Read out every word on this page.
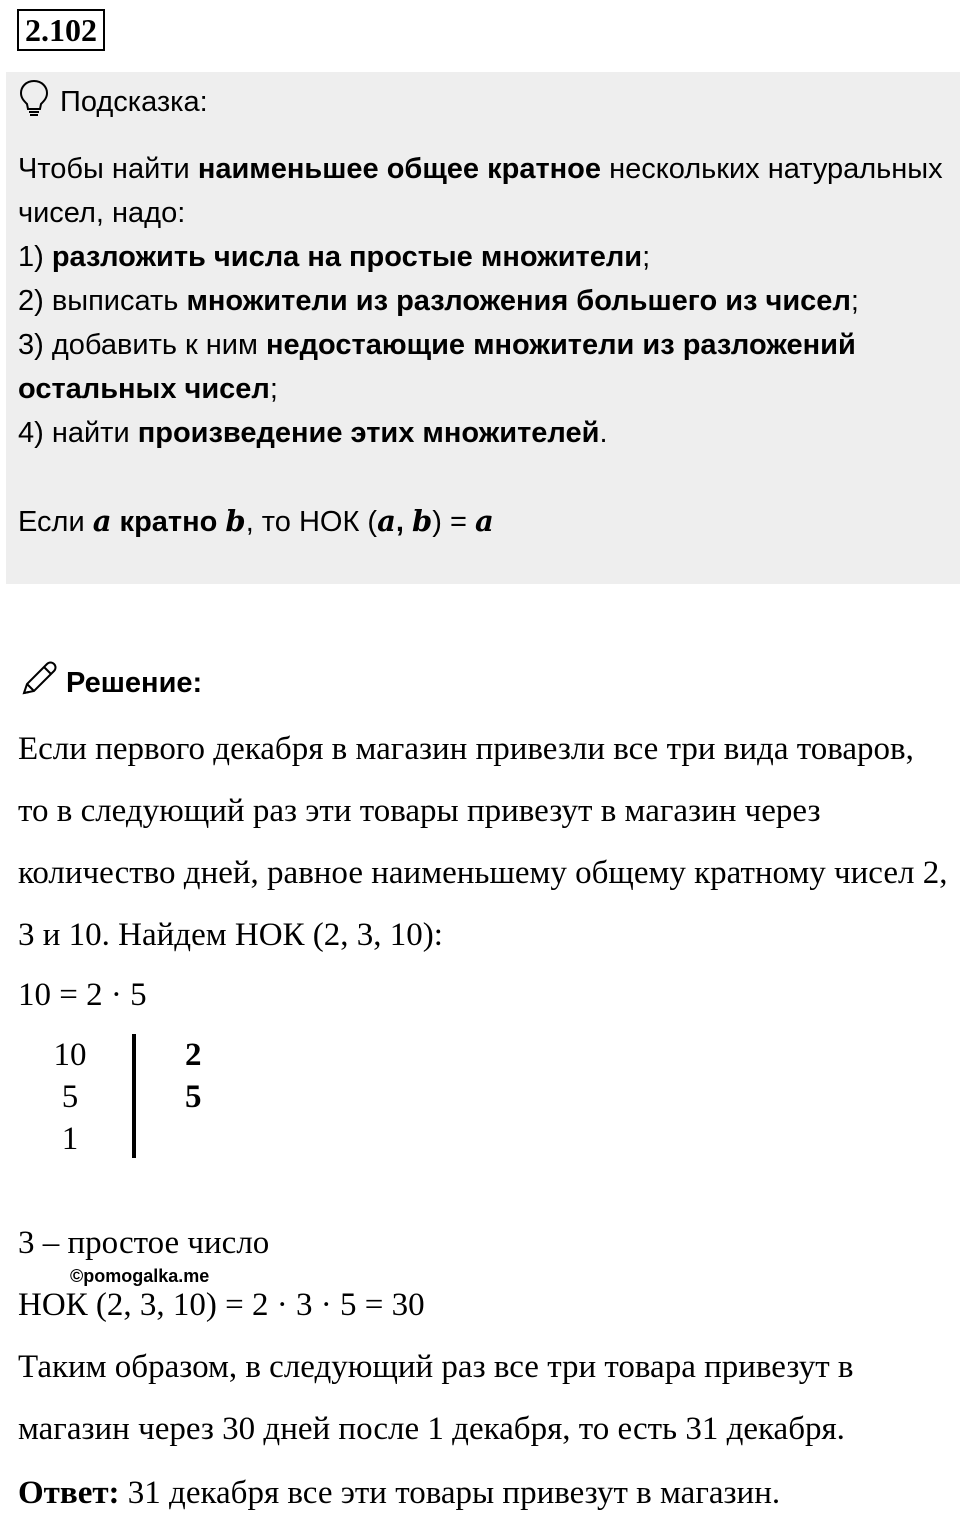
2.102
Подсказка:

Чтобы найти наименьшее общее кратное нескольких натуральных чисел, надо:

1) разложить числа на простые множители;

2) выписать множители из разложения большего из чисел;

3) добавить к ним недостающие множители из разложений остальных чисел;

4) найти произведение этих множителей.

Если a кратно b, то НОК (a, b) = a

Решение:

Если первого декабря в магазин привезли все три вида товаров, то в следующий раз эти товары привезут в магазин через количество дней, равное наименьшему общему кратному чисел 2, 3 и 10. Найдем НОК (2, 3, 10):

10 = 2 · 5

10
5
1
2
5

3 – простое число

©pomogalka.me

НОК (2, 3, 10) = 2 · 3 · 5 = 30

Таким образом, в следующий раз все три товара привезут в магазин через 30 дней после 1 декабря, то есть 31 декабря.

Ответ: 31 декабря все эти товары привезут в магазин.
